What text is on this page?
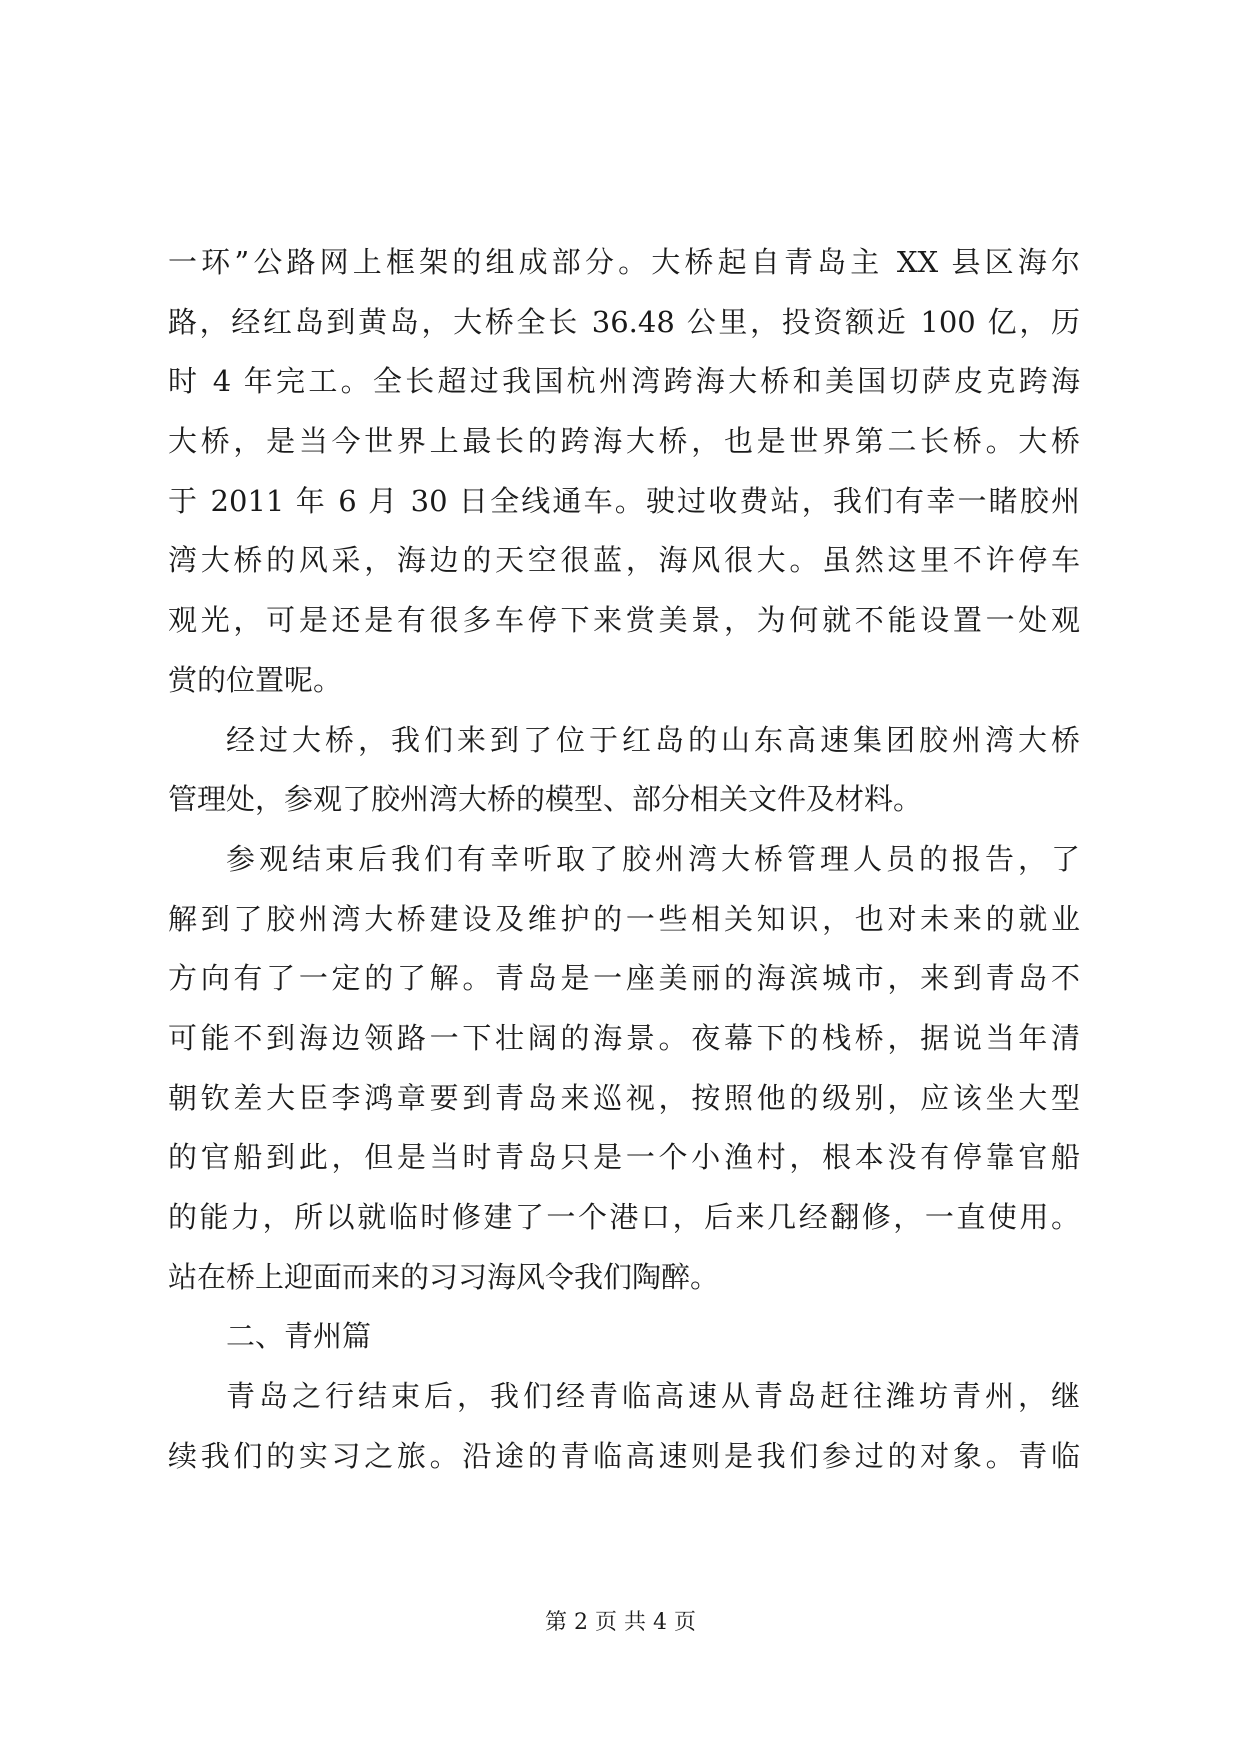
一环”公路网上框架的组成部分。大桥起自青岛主 XX 县区海尔
路，经红岛到黄岛，大桥全长 36.48 公里，投资额近 100 亿，历
时 4 年完工。全长超过我国杭州湾跨海大桥和美国切萨皮克跨海
大桥，是当今世界上最长的跨海大桥，也是世界第二长桥。大桥
于 2011 年 6 月 30 日全线通车。驶过收费站，我们有幸一睹胶州
湾大桥的风采，海边的天空很蓝，海风很大。虽然这里不许停车
观光，可是还是有很多车停下来赏美景，为何就不能设置一处观
赏的位置呢。
经过大桥，我们来到了位于红岛的山东高速集团胶州湾大桥
管理处，参观了胶州湾大桥的模型、部分相关文件及材料。
参观结束后我们有幸听取了胶州湾大桥管理人员的报告，了
解到了胶州湾大桥建设及维护的一些相关知识，也对未来的就业
方向有了一定的了解。青岛是一座美丽的海滨城市，来到青岛不
可能不到海边领路一下壮阔的海景。夜幕下的栈桥，据说当年清
朝钦差大臣李鸿章要到青岛来巡视，按照他的级别，应该坐大型
的官船到此，但是当时青岛只是一个小渔村，根本没有停靠官船
的能力，所以就临时修建了一个港口，后来几经翻修，一直使用。
站在桥上迎面而来的习习海风令我们陶醉。
二、青州篇
青岛之行结束后，我们经青临高速从青岛赶往潍坊青州，继
续我们的实习之旅。沿途的青临高速则是我们参过的对象。青临
第 2 页 共 4 页
